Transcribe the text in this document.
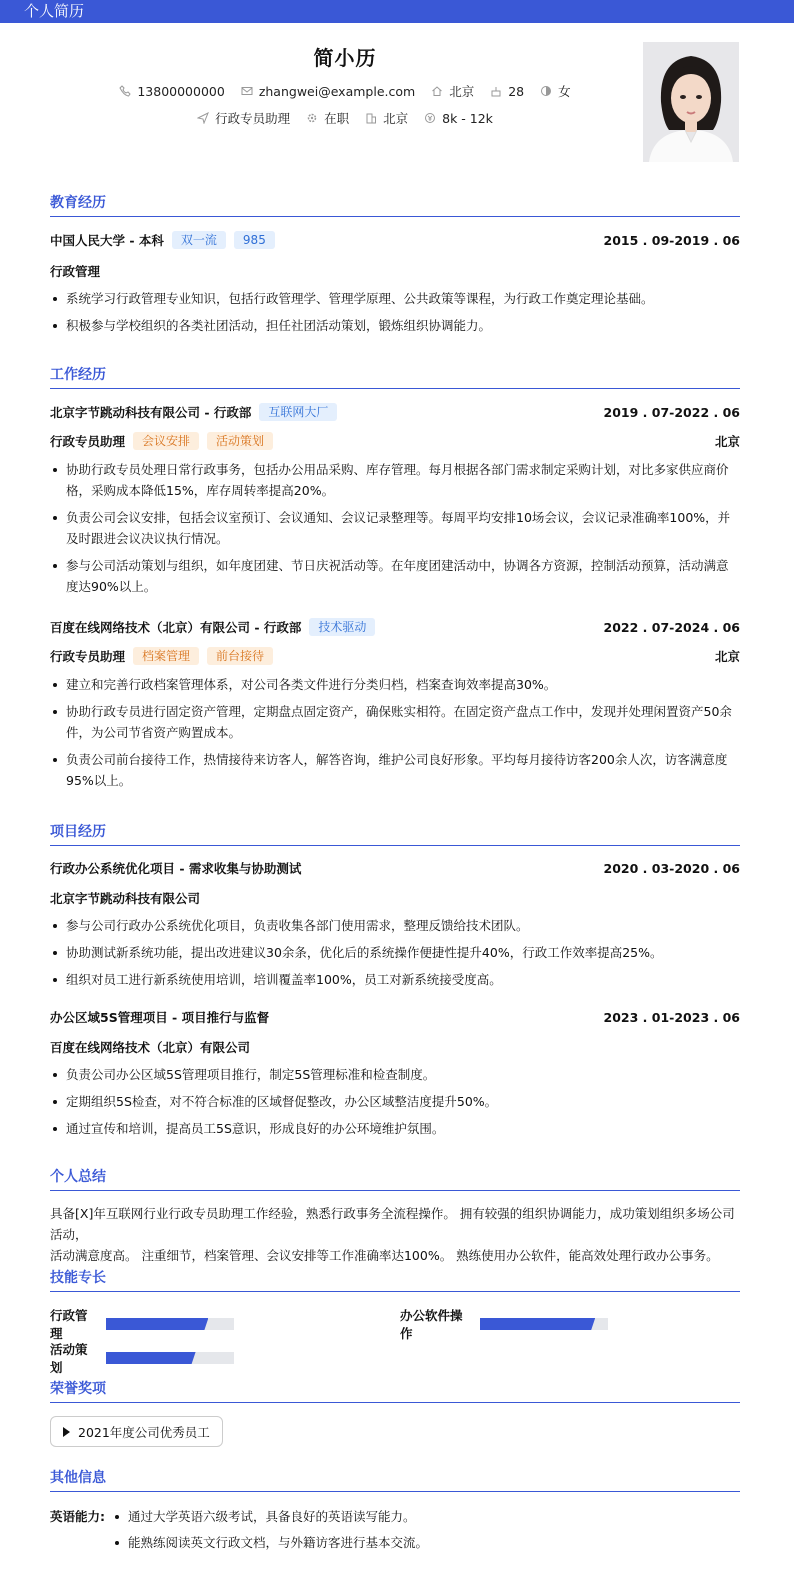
个人简历
简小历
13800000000	zhangwei@example.com	北京	28	女
行政专员助理	在职	北京	8k - 12k
教育经历
中国人民大学 - 本科	双一流	985	2015 . 09-2019 . 06
行政管理
系统学习行政管理专业知识，包括行政管理学、管理学原理、公共政策等课程，为行政工作奠定理论基础。
积极参与学校组织的各类社团活动，担任社团活动策划，锻炼组织协调能力。
工作经历
北京字节跳动科技有限公司 - 行政部	互联网大厂	2019 . 07-2022 . 06
行政专员助理	会议安排	活动策划	北京
协助行政专员处理日常行政事务，包括办公用品采购、库存管理。每月根据各部门需求制定采购计划，对比多家供应商价格，采购成本降低15%，库存周转率提高20%。
负责公司会议安排，包括会议室预订、会议通知、会议记录整理等。每周平均安排10场会议，会议记录准确率100%，并及时跟进会议决议执行情况。
参与公司活动策划与组织，如年度团建、节日庆祝活动等。在年度团建活动中，协调各方资源，控制活动预算，活动满意度达90%以上。
百度在线网络技术（北京）有限公司 - 行政部	技术驱动	2022 . 07-2024 . 06
行政专员助理	档案管理	前台接待	北京
建立和完善行政档案管理体系，对公司各类文件进行分类归档，档案查询效率提高30%。
协助行政专员进行固定资产管理，定期盘点固定资产，确保账实相符。在固定资产盘点工作中，发现并处理闲置资产50余件，为公司节省资产购置成本。
负责公司前台接待工作，热情接待来访客人，解答咨询，维护公司良好形象。平均每月接待访客200余人次，访客满意度95%以上。
项目经历
行政办公系统优化项目 - 需求收集与协助测试	2020 . 03-2020 . 06
北京字节跳动科技有限公司
参与公司行政办公系统优化项目，负责收集各部门使用需求，整理反馈给技术团队。
协助测试新系统功能，提出改进建议30余条，优化后的系统操作便捷性提升40%，行政工作效率提高25%。
组织对员工进行新系统使用培训，培训覆盖率100%，员工对新系统接受度高。
办公区域5S管理项目 - 项目推行与监督	2023 . 01-2023 . 06
百度在线网络技术（北京）有限公司
负责公司办公区域5S管理项目推行，制定5S管理标准和检查制度。
定期组织5S检查，对不符合标准的区域督促整改，办公区域整洁度提升50%。
通过宣传和培训，提高员工5S意识，形成良好的办公环境维护氛围。
个人总结
具备[X]年互联网行业行政专员助理工作经验，熟悉行政事务全流程操作。 拥有较强的组织协调能力，成功策划组织多场公司活动，
活动满意度高。 注重细节，档案管理、会议安排等工作准确率达100%。 熟练使用办公软件，能高效处理行政办公事务。
技能专长
行政管理
办公软件操作
活动策划
荣誉奖项
2021年度公司优秀员工
其他信息
英语能力:	通过大学英语六级考试，具备良好的英语读写能力。
能熟练阅读英文行政文档，与外籍访客进行基本交流。
